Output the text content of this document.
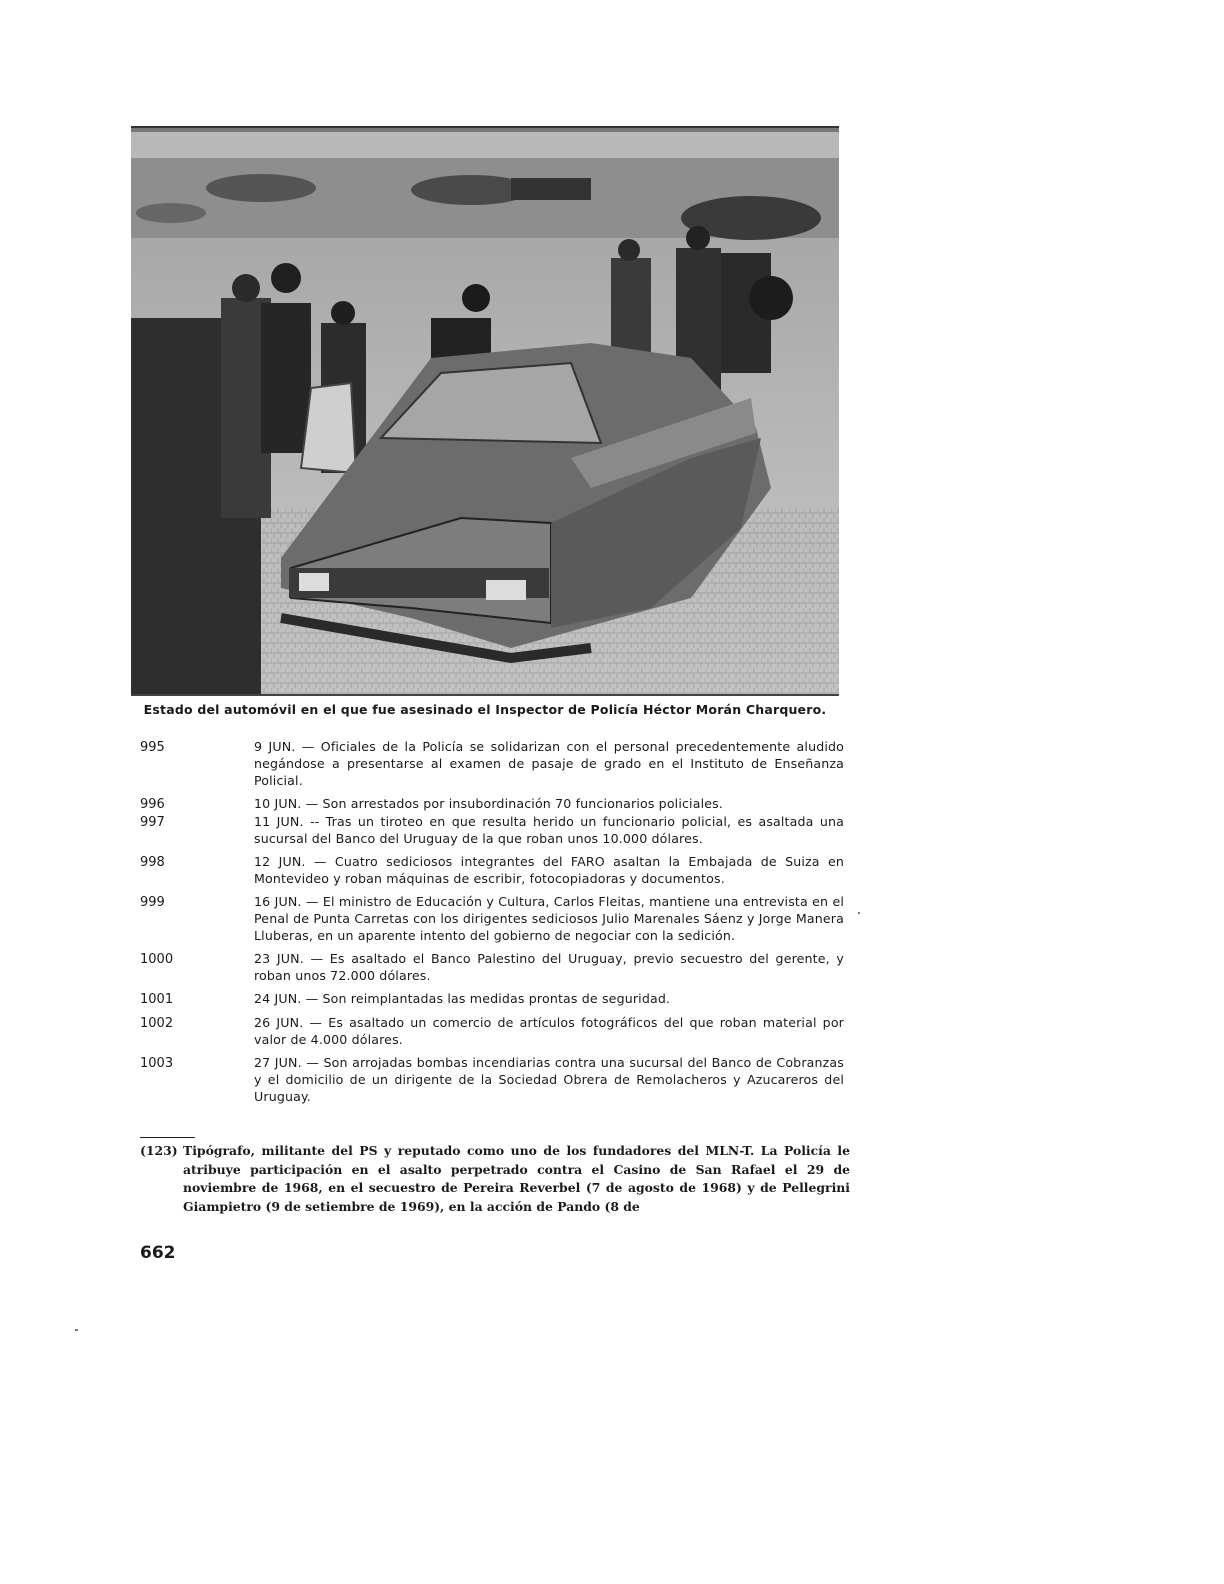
Estado del automóvil en el que fue asesinado el Inspector de Policía Héctor Morán Charquero.
995	9 JUN. — Oficiales de la Policía se solidarizan con el personal precedentemente aludido negándose a presentarse al examen de pasaje de grado en el Instituto de Enseñanza Policial.
996	10 JUN. — Son arrestados por insubordinación 70 funcionarios policiales.
997	11 JUN. -- Tras un tiroteo en que resulta herido un funcionario policial, es asaltada una sucursal del Banco del Uruguay de la que roban unos 10.000 dólares.
998	12 JUN. — Cuatro sediciosos integrantes del FARO asaltan la Embajada de Suiza en Montevideo y roban máquinas de escribir, fotocopiadoras y documentos.
999	16 JUN. — El ministro de Educación y Cultura, Carlos Fleitas, mantiene una entrevista en el Penal de Punta Carretas con los dirigentes sediciosos Julio Marenales Sáenz y Jorge Manera Lluberas, en un aparente intento del gobierno de negociar con la sedición.
1000	23 JUN. — Es asaltado el Banco Palestino del Uruguay, previo secuestro del gerente, y roban unos 72.000 dólares.
1001	24 JUN. — Son reimplantadas las medidas prontas de seguridad.
1002	26 JUN. — Es asaltado un comercio de artículos fotográficos del que roban material por valor de 4.000 dólares.
1003	27 JUN. — Son arrojadas bombas incendiarias contra una sucursal del Banco de Cobranzas y el domicilio de un dirigente de la Sociedad Obrera de Remolacheros y Azucareros del Uruguay.
(123) Tipógrafo, militante del PS y reputado como uno de los fundadores del MLN-T. La Policía le atribuye participación en el asalto perpetrado contra el Casino de San Rafael el 29 de noviembre de 1968, en el secuestro de Pereira Reverbel (7 de agosto de 1968) y de Pellegrini Giampietro (9 de setiembre de 1969), en la acción de Pando (8 de
662
